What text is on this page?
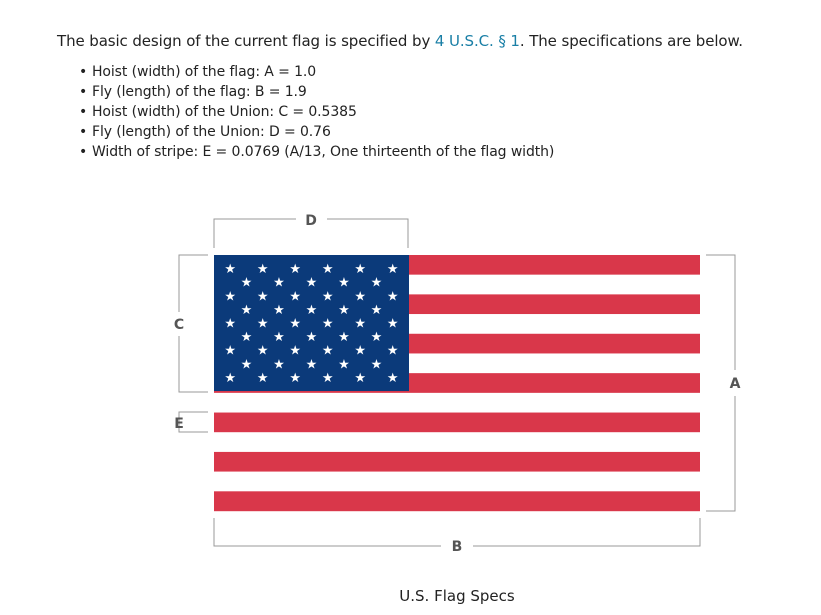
The basic design of the current flag is specified by 4 U.S.C. § 1. The specifications are below.
• Hoist (width) of the flag: A = 1.0
• Fly (length) of the flag: B = 1.9
• Hoist (width) of the Union: C = 0.5385
• Fly (length) of the Union: D = 0.76
• Width of stripe: E = 0.0769 (A/13, One thirteenth of the flag width)
★ ★ ★ ★ ★ ★
★ ★ ★ ★ ★
★ ★ ★ ★ ★ ★
★ ★ ★ ★ ★
★ ★ ★ ★ ★ ★
★ ★ ★ ★ ★
★ ★ ★ ★ ★ ★
★ ★ ★ ★ ★
★ ★ ★ ★ ★ ★
D
C
E
A
B
U.S. Flag Specs
